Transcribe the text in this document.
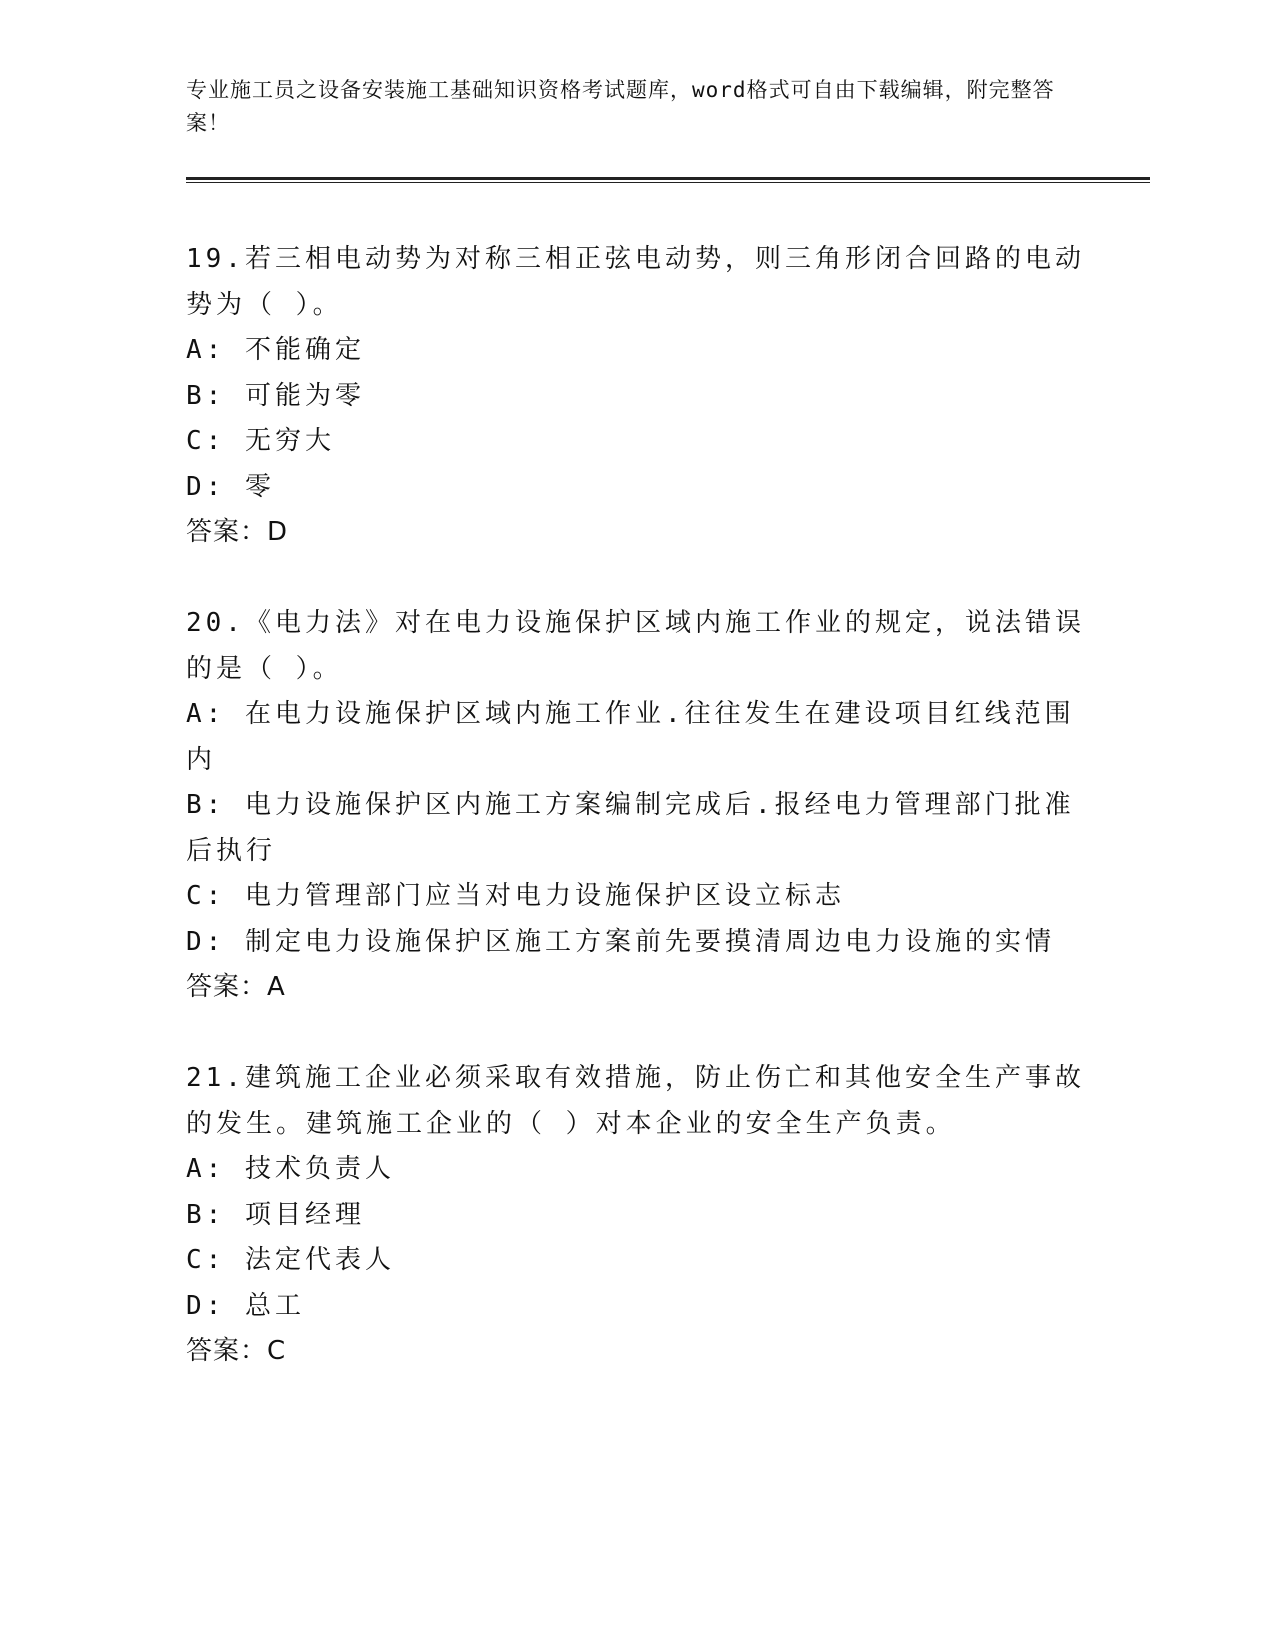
专业施工员之设备安装施工基础知识资格考试题库，word格式可自由下载编辑，附完整答案！

19.若三相电动势为对称三相正弦电动势，则三角形闭合回路的电动势为（ ）。

A: 不能确定

B: 可能为零

C: 无穷大

D: 零

答案：D

20.《电力法》对在电力设施保护区域内施工作业的规定，说法错误的是（ ）。

A: 在电力设施保护区域内施工作业.往往发生在建设项目红线范围内

B: 电力设施保护区内施工方案编制完成后.报经电力管理部门批准后执行

C: 电力管理部门应当对电力设施保护区设立标志

D: 制定电力设施保护区施工方案前先要摸清周边电力设施的实情

答案：A

21.建筑施工企业必须采取有效措施，防止伤亡和其他安全生产事故的发生。建筑施工企业的（ ）对本企业的安全生产负责。

A: 技术负责人

B: 项目经理

C: 法定代表人

D: 总工

答案：C
